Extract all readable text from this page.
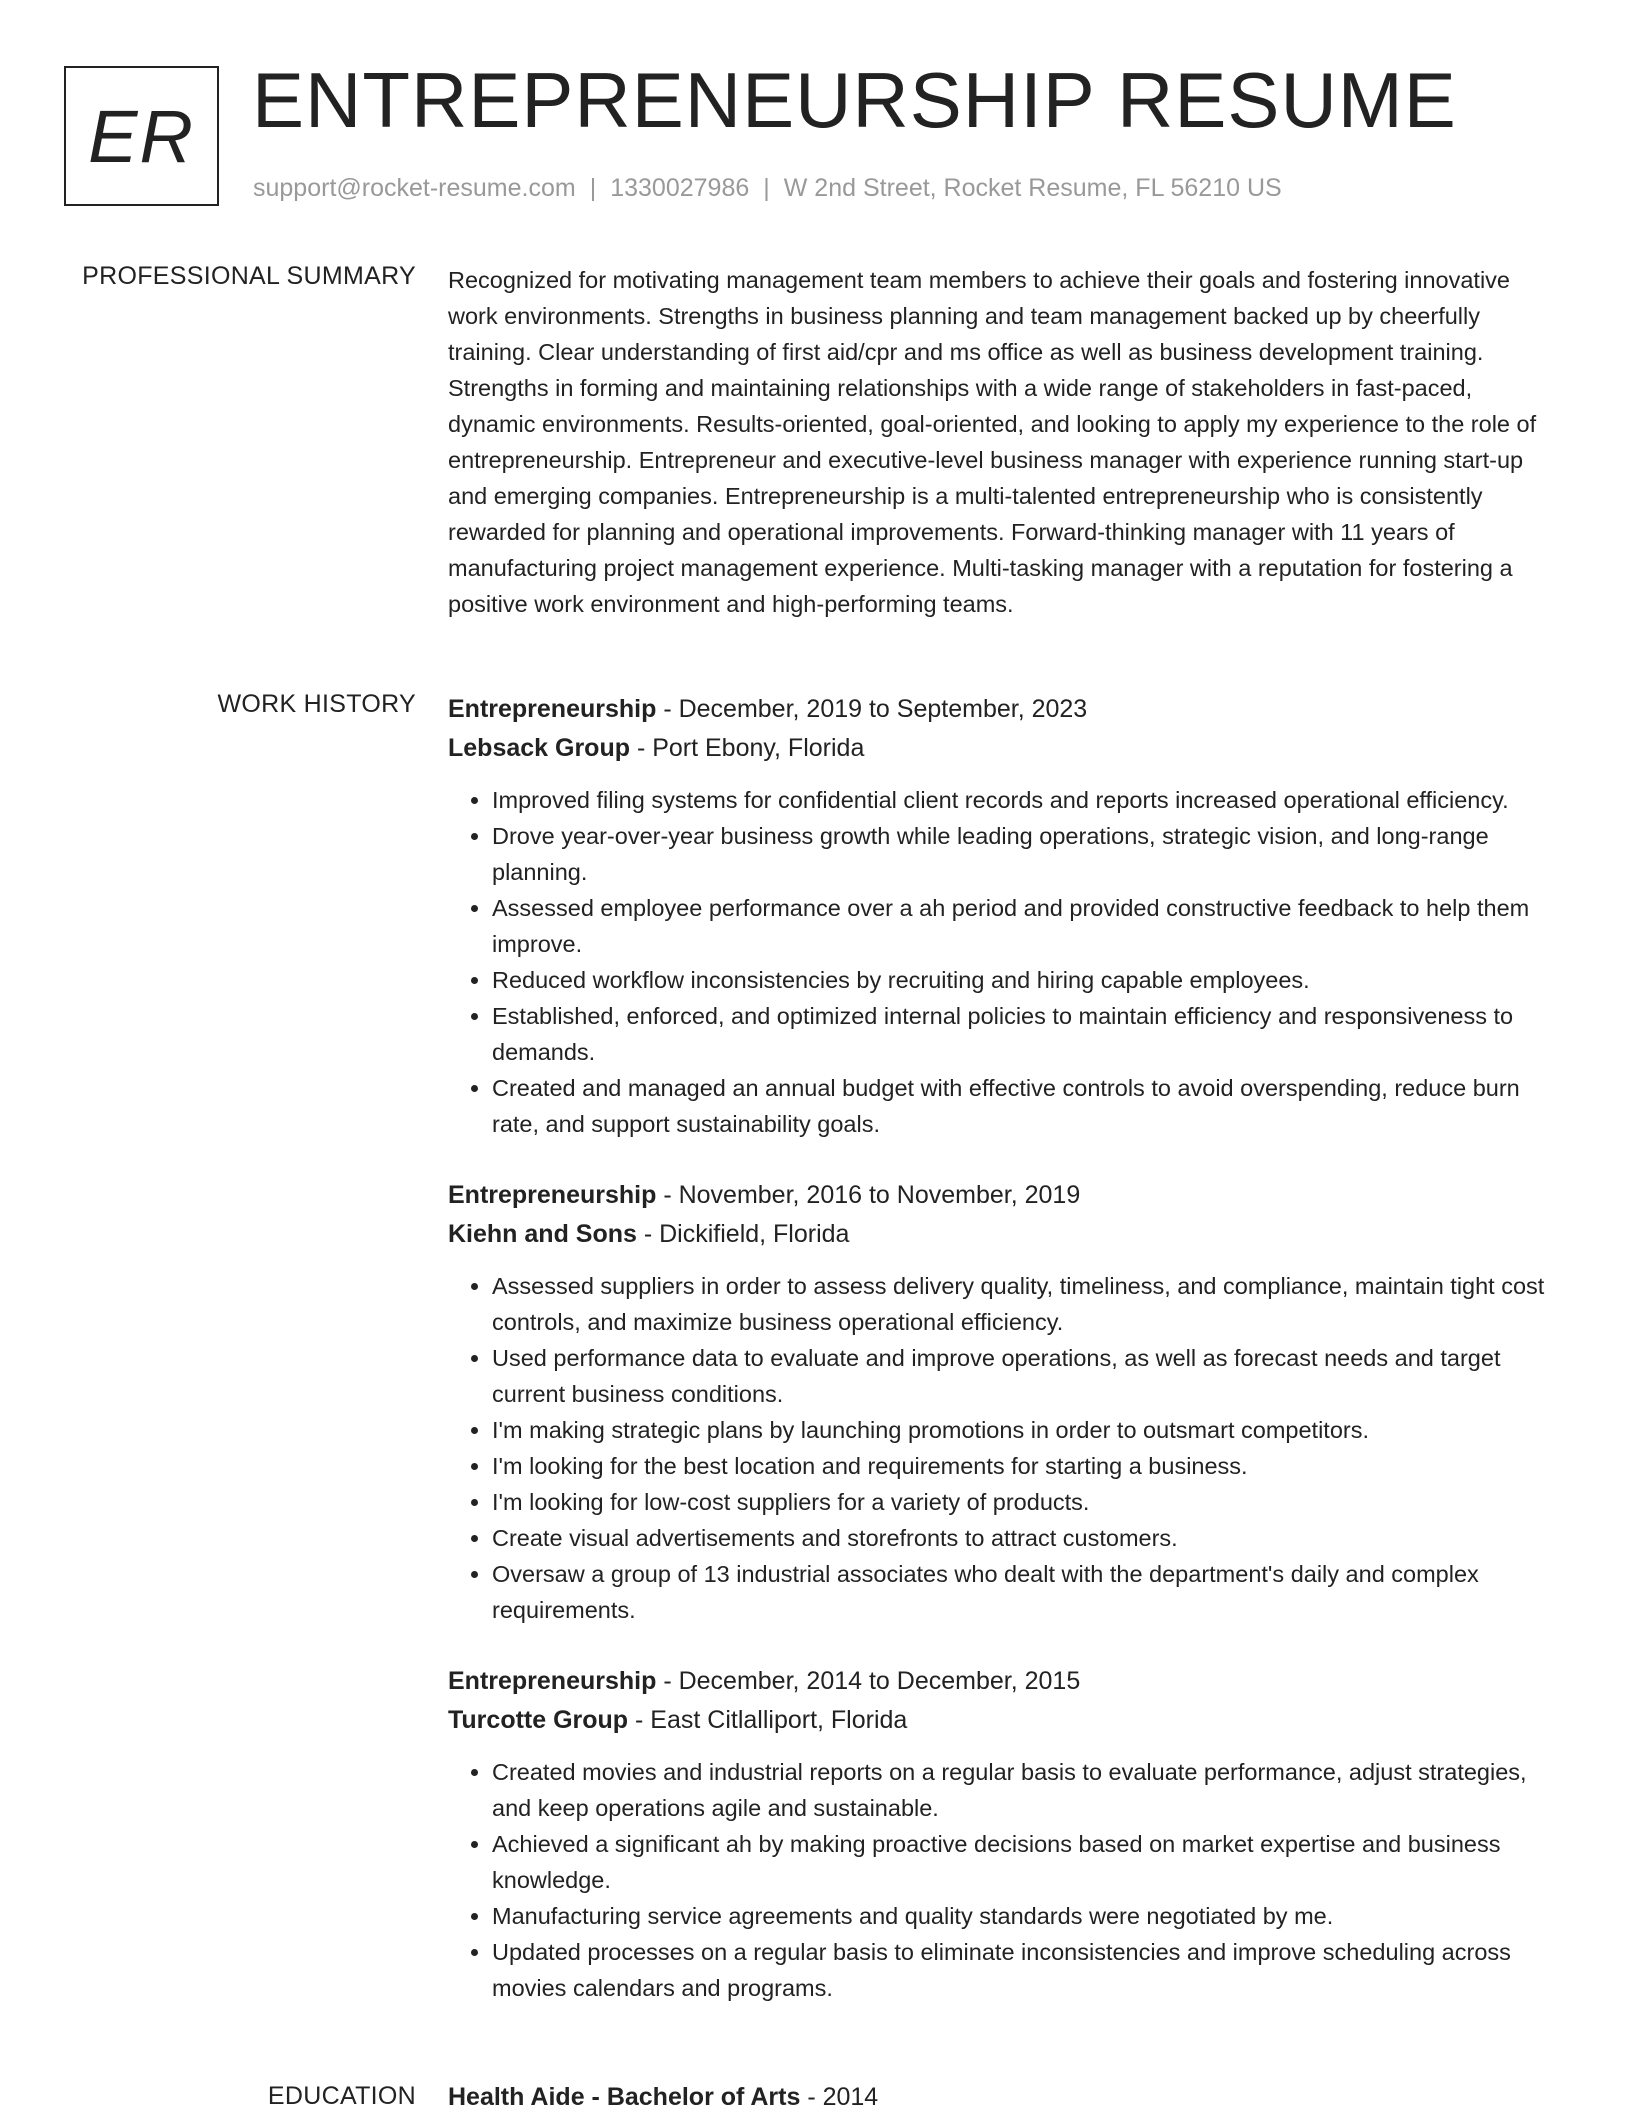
ER ENTREPRENEURSHIP RESUME
support@rocket-resume.com | 1330027986 | W 2nd Street, Rocket Resume, FL 56210 US
PROFESSIONAL SUMMARY Recognized for motivating management team members to achieve their goals and fostering innovative work environments. Strengths in business planning and team management backed up by cheerfully training. Clear understanding of first aid/cpr and ms office as well as business development training. Strengths in forming and maintaining relationships with a wide range of stakeholders in fast-paced, dynamic environments. Results-oriented, goal-oriented, and looking to apply my experience to the role of entrepreneurship. Entrepreneur and executive-level business manager with experience running start-up and emerging companies. Entrepreneurship is a multi-talented entrepreneurship who is consistently rewarded for planning and operational improvements. Forward-thinking manager with 11 years of manufacturing project management experience. Multi-tasking manager with a reputation for fostering a positive work environment and high-performing teams.

WORK HISTORY Entrepreneurship - December, 2019 to September, 2023

Lebsack Group - Port Ebony, Florida

• Improved filing systems for confidential client records and reports increased operational efficiency.
• Drove year-over-year business growth while leading operations, strategic vision, and long-range planning.
• Assessed employee performance over a ah period and provided constructive feedback to help them improve.
• Reduced workflow inconsistencies by recruiting and hiring capable employees.
• Established, enforced, and optimized internal policies to maintain efficiency and responsiveness to demands.
• Created and managed an annual budget with effective controls to avoid overspending, reduce burn rate, and support sustainability goals.

Entrepreneurship - November, 2016 to November, 2019

Kiehn and Sons - Dickifield, Florida

• Assessed suppliers in order to assess delivery quality, timeliness, and compliance, maintain tight cost controls, and maximize business operational efficiency.
• Used performance data to evaluate and improve operations, as well as forecast needs and target current business conditions.
• I'm making strategic plans by launching promotions in order to outsmart competitors.
• I'm looking for the best location and requirements for starting a business.
• I'm looking for low-cost suppliers for a variety of products.
• Create visual advertisements and storefronts to attract customers.
• Oversaw a group of 13 industrial associates who dealt with the department's daily and complex requirements.

Entrepreneurship - December, 2014 to December, 2015

Turcotte Group - East Citlalliport, Florida

• Created movies and industrial reports on a regular basis to evaluate performance, adjust strategies, and keep operations agile and sustainable.
• Achieved a significant ah by making proactive decisions based on market expertise and business knowledge.
• Manufacturing service agreements and quality standards were negotiated by me.
• Updated processes on a regular basis to eliminate inconsistencies and improve scheduling across movies calendars and programs.
EDUCATION Health Aide - Bachelor of Arts - 2014
